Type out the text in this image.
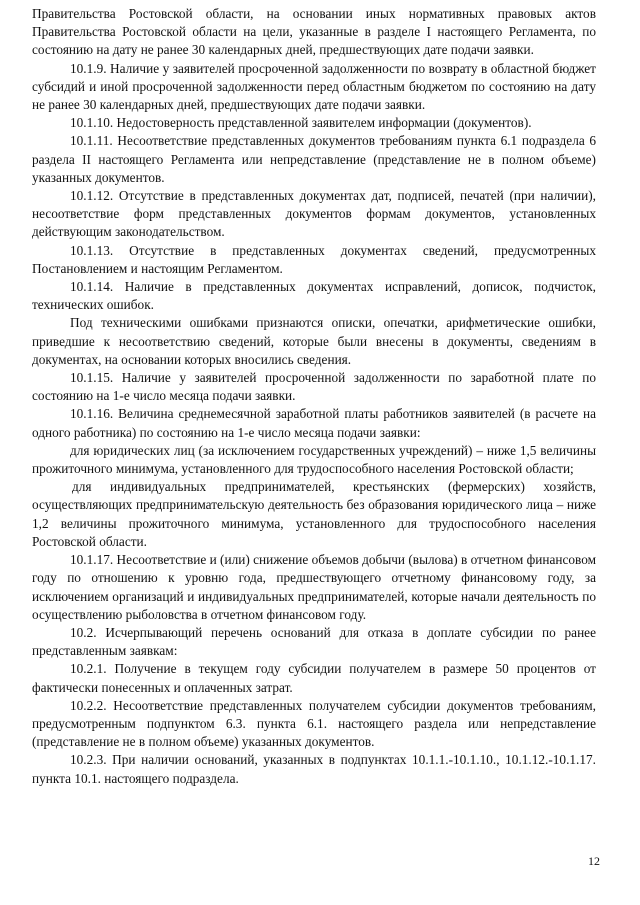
Правительства Ростовской области, на основании иных нормативных правовых актов Правительства Ростовской области на цели, указанные в разделе I настоящего Регламента, по состоянию на дату не ранее 30 календарных дней, предшествующих дате подачи заявки.

10.1.9. Наличие у заявителей просроченной задолженности по возврату в областной бюджет субсидий и иной просроченной задолженности перед областным бюджетом по состоянию на дату не ранее 30 календарных дней, предшествующих дате подачи заявки.

10.1.10. Недостоверность представленной заявителем информации (документов).

10.1.11. Несоответствие представленных документов требованиям пункта 6.1 подраздела 6 раздела II настоящего Регламента или непредставление (представление не в полном объеме) указанных документов.

10.1.12. Отсутствие в представленных документах дат, подписей, печатей (при наличии), несоответствие форм представленных документов формам документов, установленных действующим законодательством.

10.1.13. Отсутствие в представленных документах сведений, предусмотренных Постановлением и настоящим Регламентом.

10.1.14. Наличие в представленных документах исправлений, дописок, подчисток, технических ошибок.

Под техническими ошибками признаются описки, опечатки, арифметические ошибки, приведшие к несоответствию сведений, которые были внесены в документы, сведениям в документах, на основании которых вносились сведения.

10.1.15. Наличие у заявителей просроченной задолженности по заработной плате по состоянию на 1-е число месяца подачи заявки.

10.1.16. Величина среднемесячной заработной платы работников заявителей (в расчете на одного работника) по состоянию на 1-е число месяца подачи заявки:

для юридических лиц (за исключением государственных учреждений) – ниже 1,5 величины прожиточного минимума, установленного для трудоспособного населения Ростовской области;

для индивидуальных предпринимателей, крестьянских (фермерских) хозяйств, осуществляющих предпринимательскую деятельность без образования юридического лица – ниже 1,2 величины прожиточного минимума, установленного для трудоспособного населения Ростовской области.

10.1.17. Несоответствие и (или) снижение объемов добычи (вылова) в отчетном финансовом году по отношению к уровню года, предшествующего отчетному финансовому году, за исключением организаций и индивидуальных предпринимателей, которые начали деятельность по осуществлению рыболовства в отчетном финансовом году.

10.2. Исчерпывающий перечень оснований для отказа в доплате субсидии по ранее представленным заявкам:

10.2.1. Получение в текущем году субсидии получателем в размере 50 процентов от фактически понесенных и оплаченных затрат.

10.2.2. Несоответствие представленных получателем субсидии документов требованиям, предусмотренным подпунктом 6.3. пункта 6.1. настоящего раздела или непредставление (представление не в полном объеме) указанных документов.

10.2.3. При наличии оснований, указанных в подпунктах 10.1.1.-10.1.10., 10.1.12.-10.1.17. пункта 10.1. настоящего подраздела.

12
